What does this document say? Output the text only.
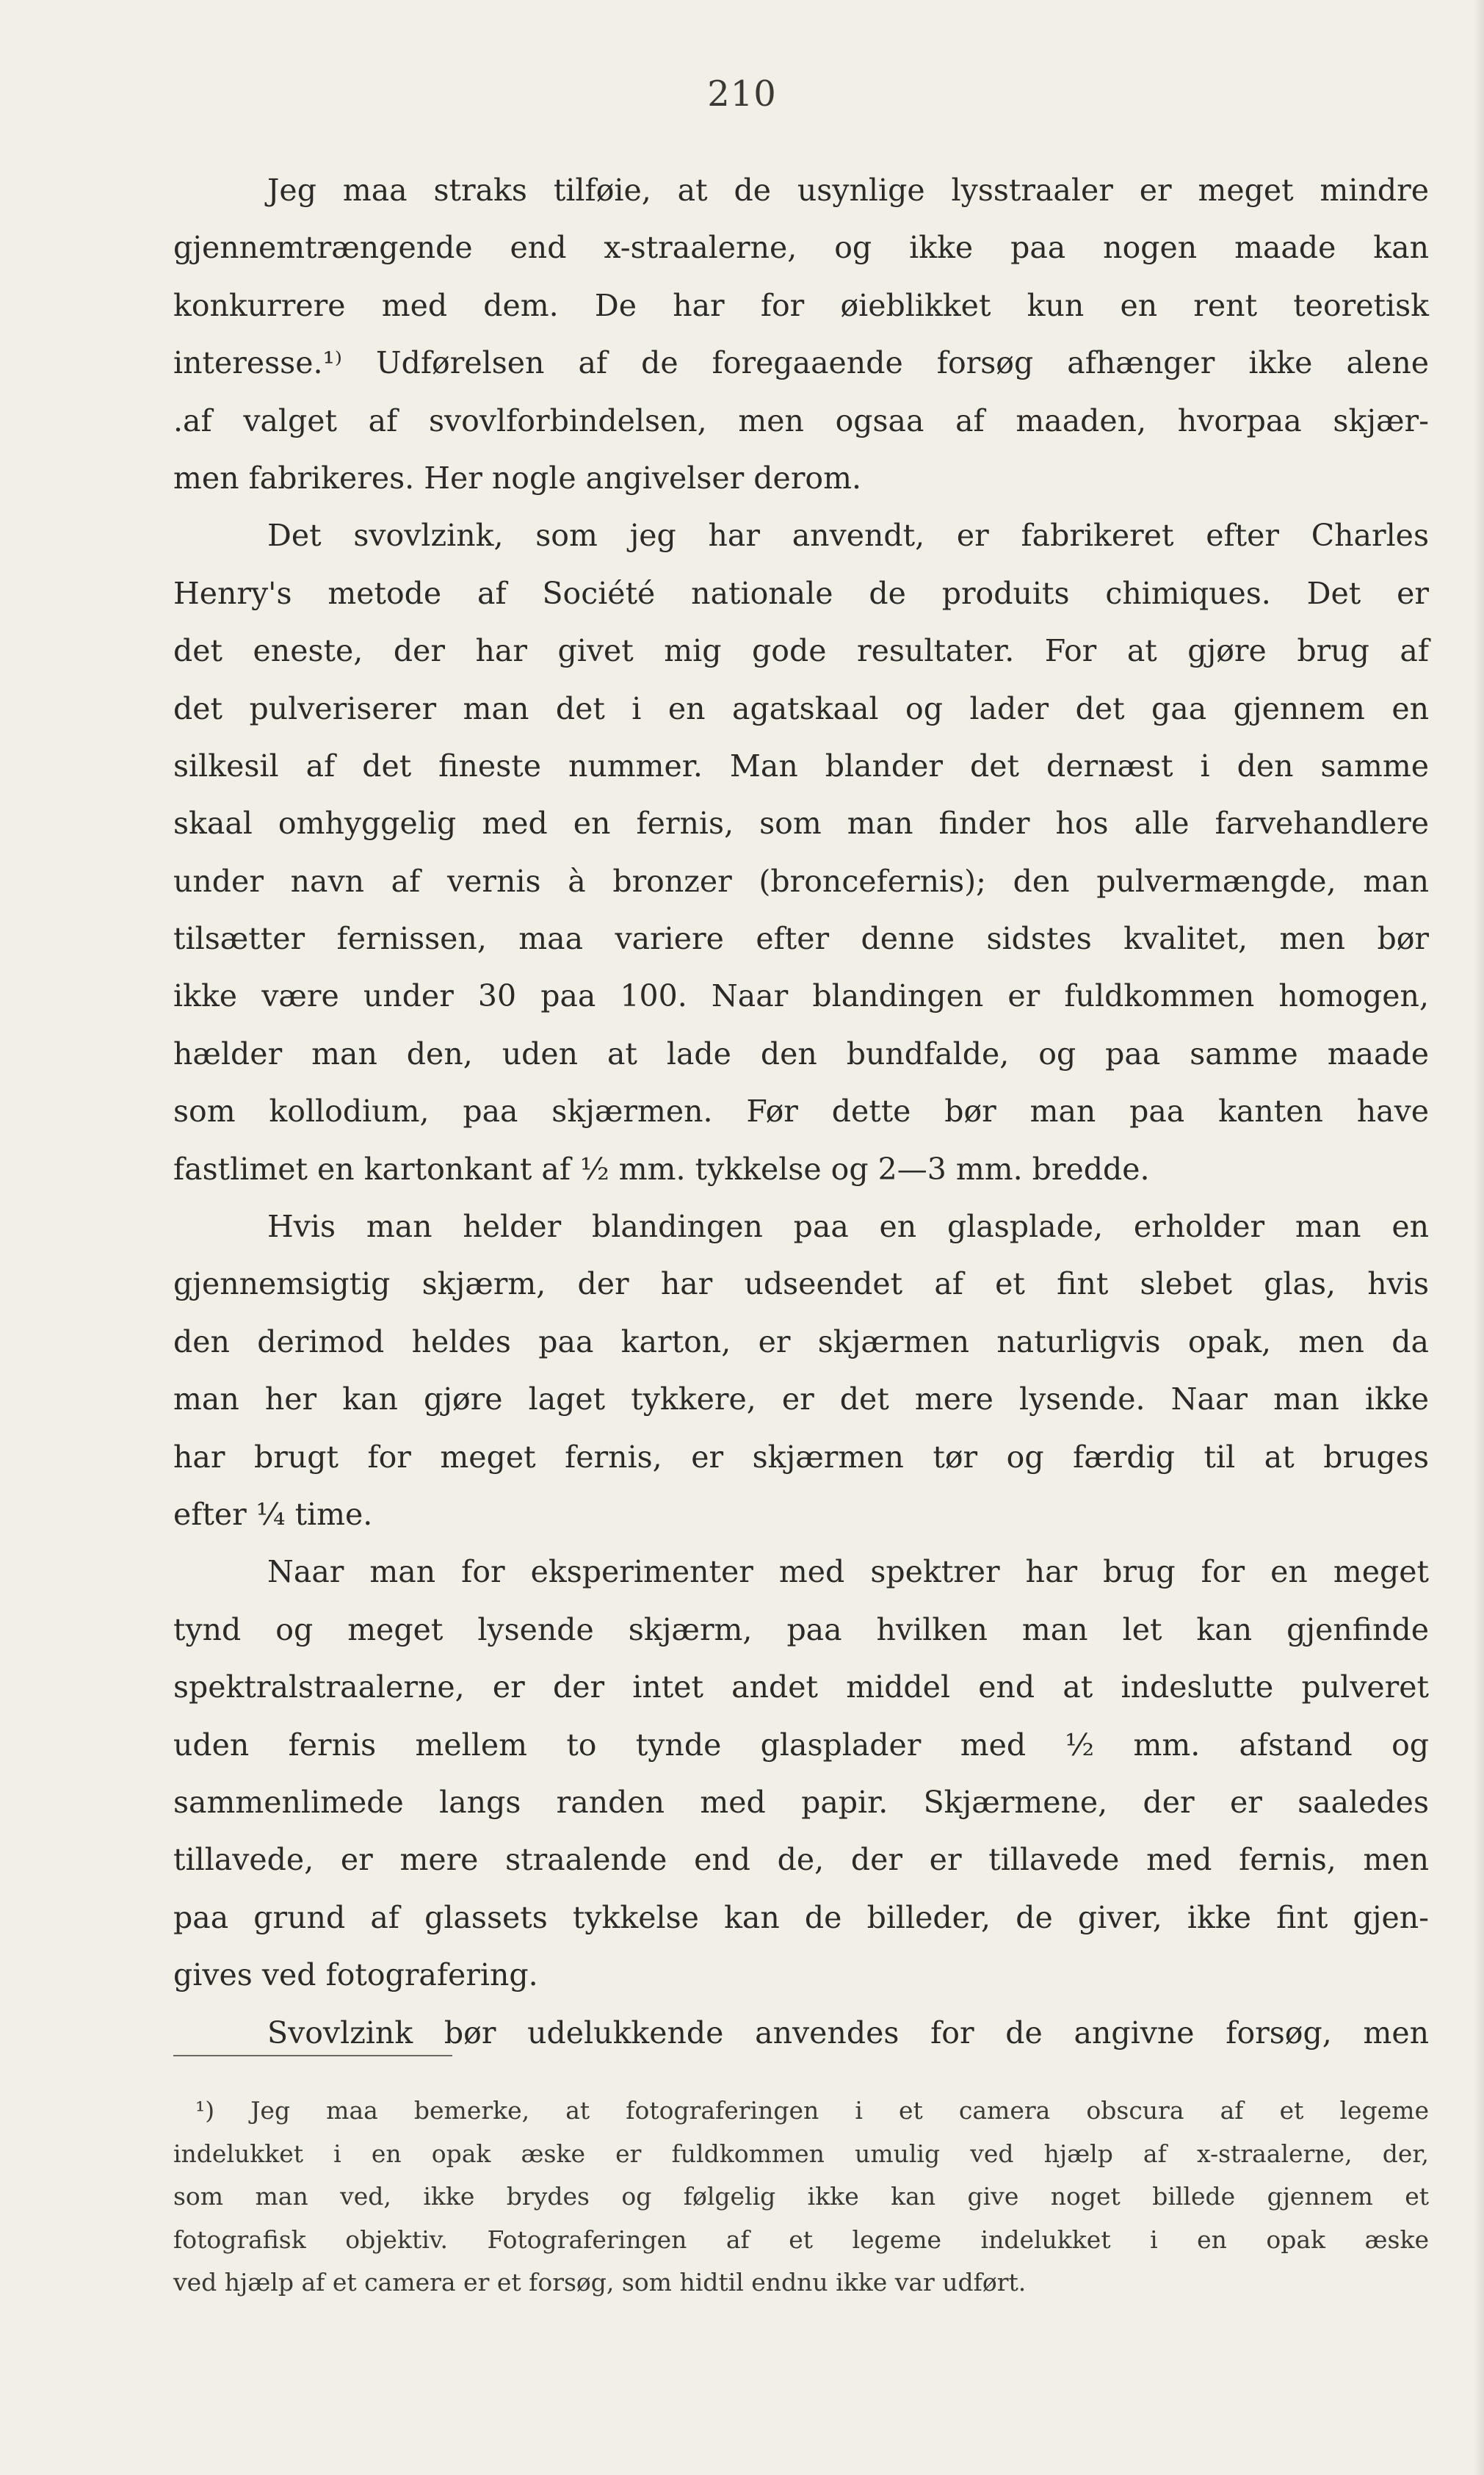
210
Jeg maa straks tilføie, at de usynlige lysstraaler er meget mindre
gjennemtrængende end x-straalerne, og ikke paa nogen maade kan
konkurrere med dem. De har for øieblikket kun en rent teoretisk
interesse.¹⁾ Udførelsen af de foregaaende forsøg afhænger ikke alene
.af valget af svovlforbindelsen, men ogsaa af maaden, hvorpaa skjær-
men fabrikeres. Her nogle angivelser derom.
Det svovlzink, som jeg har anvendt, er fabrikeret efter Charles
Henry's metode af Société nationale de produits chimiques. Det er
det eneste, der har givet mig gode resultater. For at gjøre brug af
det pulveriserer man det i en agatskaal og lader det gaa gjennem en
silkesil af det fineste nummer. Man blander det dernæst i den samme
skaal omhyggelig med en fernis, som man finder hos alle farvehandlere
under navn af vernis à bronzer (broncefernis); den pulvermængde, man
tilsætter fernissen, maa variere efter denne sidstes kvalitet, men bør
ikke være under 30 paa 100. Naar blandingen er fuldkommen homogen,
hælder man den, uden at lade den bundfalde, og paa samme maade
som kollodium, paa skjærmen. Før dette bør man paa kanten have
fastlimet en kartonkant af ½ mm. tykkelse og 2—3 mm. bredde.
Hvis man helder blandingen paa en glasplade, erholder man en
gjennemsigtig skjærm, der har udseendet af et fint slebet glas, hvis
den derimod heldes paa karton, er skjærmen naturligvis opak, men da
man her kan gjøre laget tykkere, er det mere lysende. Naar man ikke
har brugt for meget fernis, er skjærmen tør og færdig til at bruges
efter ¼ time.
Naar man for eksperimenter med spektrer har brug for en meget
tynd og meget lysende skjærm, paa hvilken man let kan gjenfinde
spektralstraalerne, er der intet andet middel end at indeslutte pulveret
uden fernis mellem to tynde glasplader med ½ mm. afstand og
sammenlimede langs randen med papir. Skjærmene, der er saaledes
tillavede, er mere straalende end de, der er tillavede med fernis, men
paa grund af glassets tykkelse kan de billeder, de giver, ikke fint gjen-
gives ved fotografering.
Svovlzink bør udelukkende anvendes for de angivne forsøg, men
¹) Jeg maa bemerke, at fotograferingen i et camera obscura af et legeme
indelukket i en opak æske er fuldkommen umulig ved hjælp af x-straalerne, der,
som man ved, ikke brydes og følgelig ikke kan give noget billede gjennem et
fotografisk objektiv. Fotograferingen af et legeme indelukket i en opak æske
ved hjælp af et camera er et forsøg, som hidtil endnu ikke var udført.
